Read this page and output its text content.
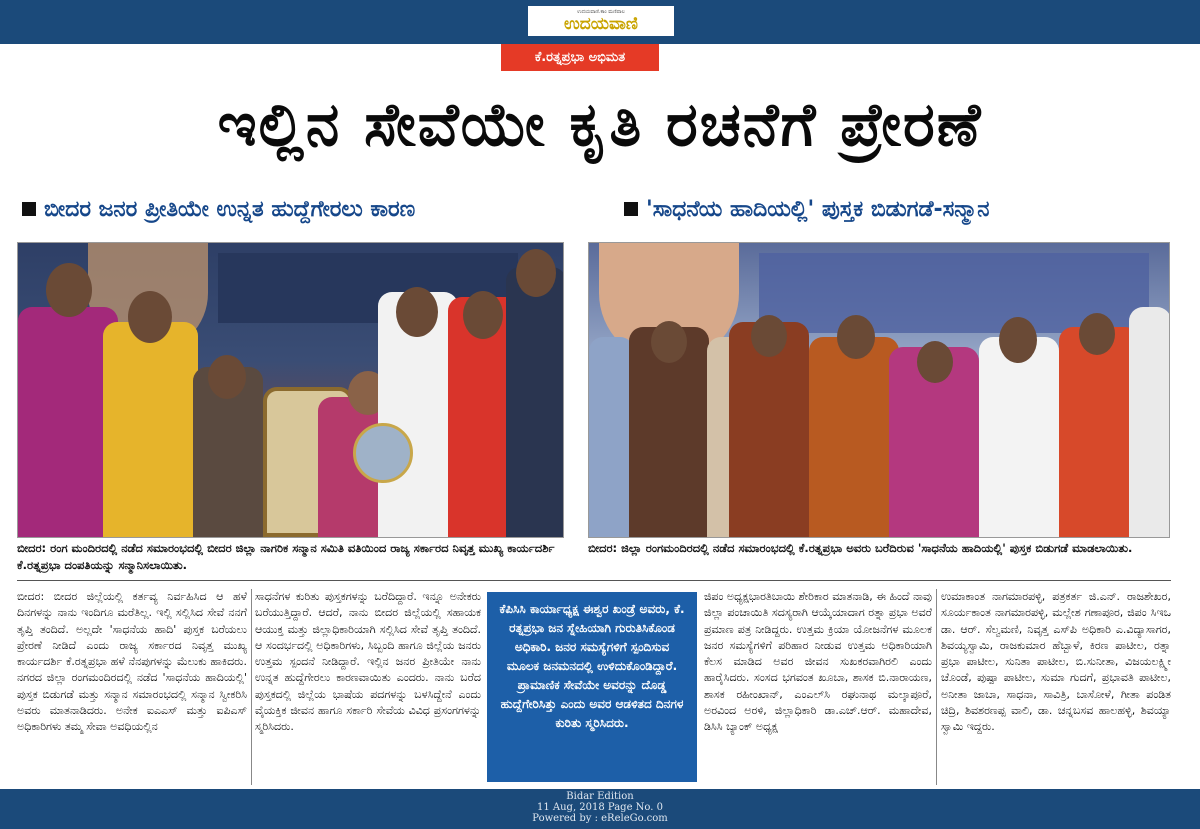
ಉದಯವಾಣಿ.ಕಾಂ ಮಣಿಪಾಲ
ಉದಯವಾಣಿ
ಕೆ.ರತ್ನಪ್ರಭಾ ಅಭಿಮತ
ಇಲ್ಲಿನ ಸೇವೆಯೇ ಕೃತಿ ರಚನೆಗೆ ಪ್ರೇರಣೆ
ಬೀದರ ಜನರ ಪ್ರೀತಿಯೇ ಉನ್ನತ ಹುದ್ದೆಗೇರಲು ಕಾರಣ	'ಸಾಧನೆಯ ಹಾದಿಯಲ್ಲಿ' ಪುಸ್ತಕ ಬಿಡುಗಡೆ-ಸನ್ಮಾನ
ಬೀದರ: ರಂಗ ಮಂದಿರದಲ್ಲಿ ನಡೆದ ಸಮಾರಂಭದಲ್ಲಿ ಬೀದರ ಜಿಲ್ಲಾ ನಾಗರಿಕ ಸನ್ಮಾನ ಸಮಿತಿ ವತಿಯಿಂದ ರಾಜ್ಯ ಸರ್ಕಾರದ ನಿವೃತ್ತ ಮುಖ್ಯ ಕಾರ್ಯದರ್ಶಿ ಕೆ.ರತ್ನಪ್ರಭಾ ದಂಪತಿಯನ್ನು ಸನ್ಮಾನಿಸಲಾಯಿತು.
ಬೀದರ: ಜಿಲ್ಲಾ ರಂಗಮಂದಿರದಲ್ಲಿ ನಡೆದ ಸಮಾರಂಭದಲ್ಲಿ ಕೆ.ರತ್ನಪ್ರಭಾ ಅವರು ಬರೆದಿರುವ 'ಸಾಧನೆಯ ಹಾದಿಯಲ್ಲಿ' ಪುಸ್ತಕ ಬಿಡುಗಡೆ ಮಾಡಲಾಯಿತು.

ಬೀದರ: ಬೀದರ ಜಿಲ್ಲೆಯಲ್ಲಿ ಕರ್ತವ್ಯ ನಿರ್ವಹಿಸಿದ ಆ ಹಳೆ ದಿನಗಳನ್ನು ನಾನು ಇಂದಿಗೂ ಮರೆತಿಲ್ಲ. ಇಲ್ಲಿ ಸಲ್ಲಿಸಿದ ಸೇವೆ ನನಗೆ ತೃಪ್ತಿ ತಂದಿದೆ. ಅಲ್ಲದೇ 'ಸಾಧನೆಯ ಹಾದಿ' ಪುಸ್ತಕ ಬರೆಯಲು ಪ್ರೇರಣೆ ನೀಡಿದೆ ಎಂದು ರಾಜ್ಯ ಸರ್ಕಾರದ ನಿವೃತ್ತ ಮುಖ್ಯ ಕಾರ್ಯದರ್ಶಿ ಕೆ.ರತ್ನಪ್ರಭಾ ಹಳೆ ನೆನಪುಗಳನ್ನು ಮೆಲುಕು ಹಾಕಿದರು. ನಗರದ ಜಿಲ್ಲಾ ರಂಗಮಂದಿರದಲ್ಲಿ ನಡೆದ 'ಸಾಧನೆಯ ಹಾದಿಯಲ್ಲಿ' ಪುಸ್ತಕ ಬಿಡುಗಡೆ ಮತ್ತು ಸನ್ಮಾನ ಸಮಾರಂಭದಲ್ಲಿ ಸನ್ಮಾನ ಸ್ವೀಕರಿಸಿ ಅವರು ಮಾತನಾಡಿದರು. ಅನೇಕ ಐಎಎಸ್ ಮತ್ತು ಐಪಿಎಸ್ ಅಧಿಕಾರಿಗಳು ತಮ್ಮ ಸೇವಾ ಅವಧಿಯಲ್ಲಿನ

ಸಾಧನೆಗಳ ಕುರಿತು ಪುಸ್ತಕಗಳನ್ನು ಬರೆದಿದ್ದಾರೆ. ಇನ್ನೂ ಅನೇಕರು ಬರೆಯುತ್ತಿದ್ದಾರೆ. ಆದರೆ, ನಾನು ಬೀದರ ಜಿಲ್ಲೆಯಲ್ಲಿ ಸಹಾಯಕ ಆಯುಕ್ತ ಮತ್ತು ಜಿಲ್ಲಾಧಿಕಾರಿಯಾಗಿ ಸಲ್ಲಿಸಿದ ಸೇವೆ ತೃಪ್ತಿ ತಂದಿದೆ. ಆ ಸಂದರ್ಭದಲ್ಲಿ ಅಧಿಕಾರಿಗಳು, ಸಿಬ್ಬಂದಿ ಹಾಗೂ ಜಿಲ್ಲೆಯ ಜನರು ಉತ್ತಮ ಸ್ಪಂದನೆ ನೀಡಿದ್ದಾರೆ. ಇಲ್ಲಿನ ಜನರ ಪ್ರೀತಿಯೇ ನಾನು ಉನ್ನತ ಹುದ್ದೆಗೇರಲು ಕಾರಣವಾಯಿತು ಎಂದರು. ನಾನು ಬರೆದ ಪುಸ್ತಕದಲ್ಲಿ ಜಿಲ್ಲೆಯ ಭಾಷೆಯ ಪದಗಳನ್ನು ಬಳಸಿದ್ದೇನೆ ಎಂದು ವೈಯಕ್ತಿಕ ಜೀವನ ಹಾಗೂ ಸರ್ಕಾರಿ ಸೇವೆಯ ವಿವಿಧ ಪ್ರಸಂಗಗಳನ್ನು ಸ್ಮರಿಸಿದರು.

ಕೆಪಿಸಿಸಿ ಕಾರ್ಯಾಧ್ಯಕ್ಷ ಈಶ್ವರ ಖಂಡ್ರೆ ಅವರು, ಕೆ. ರತ್ನಪ್ರಭಾ ಜನ ಸ್ನೇಹಿಯಾಗಿ ಗುರುತಿಸಿಕೊಂಡ ಅಧಿಕಾರಿ. ಜನರ ಸಮಸ್ಯೆಗಳಿಗೆ ಸ್ಪಂದಿಸುವ ಮೂಲಕ ಜನಮನದಲ್ಲಿ ಉಳಿದುಕೊಂಡಿದ್ದಾರೆ. ಪ್ರಾಮಾಣಿಕ ಸೇವೆಯೇ ಅವರನ್ನು ದೊಡ್ಡ ಹುದ್ದೆಗೇರಿಸಿತ್ತು ಎಂದು ಅವರ ಆಡಳಿತದ ದಿನಗಳ ಕುರಿತು ಸ್ಮರಿಸಿದರು.

ಜಿಪಂ ಅಧ್ಯಕ್ಷಭಾರತಿಬಾಯಿ ಶೇರಿಕಾರ ಮಾತನಾಡಿ, ಈ ಹಿಂದೆ ನಾವು ಜಿಲ್ಲಾ ಪಂಚಾಯಿತಿ ಸದಸ್ಯರಾಗಿ ಆಯ್ಕೆಯಾದಾಗ ರತ್ನಾ ಪ್ರಭಾ ಅವರೆ ಪ್ರಮಾಣ ಪತ್ರ ನೀಡಿದ್ದರು. ಉತ್ತಮ ಕ್ರಿಯಾ ಯೋಜನೆಗಳ ಮೂಲಕ ಜನರ ಸಮಸ್ಯೆಗಳಿಗೆ ಪರಿಹಾರ ನೀಡುವ ಉತ್ತಮ ಅಧಿಕಾರಿಯಾಗಿ ಕೆಲಸ ಮಾಡಿದ ಅವರ ಜೀವನ ಸುಖಕರವಾಗಿರಲಿ ಎಂದು ಹಾರೈಸಿದರು. ಸಂಸದ ಭಗವಂತ ಖೂಬಾ, ಶಾಸಕ ಬಿ.ನಾರಾಯಣ, ಶಾಸಕ ರಹೀಂಖಾನ್, ಎಂಎಲ್‌ಸಿ ರಘುನಾಥ ಮಲ್ಕಾಪೂರೆ, ಅರವಿಂದ ಅರಳಿ, ಜಿಲ್ಲಾಧಿಕಾರಿ ಡಾ.ಎಚ್.ಆರ್. ಮಹಾದೇವ, ಡಿಸಿಸಿ ಬ್ಯಾಂಕ್ ಅಧ್ಯಕ್ಷ

ಉಮಾಕಾಂತ ನಾಗಮಾರಪಳ್ಳಿ, ಪತ್ರಕರ್ತ ಜಿ.ಎನ್. ರಾಜಶೇಖರ, ಸೂರ್ಯಕಾಂತ ನಾಗಮಾರಪಳ್ಳಿ, ಮಲ್ಲೇಶ ಗಣಾಪೂರ, ಜಿಪಂ ಸಿಇಒ ಡಾ. ಆರ್. ಸೆಲ್ವಮಣಿ, ನಿವೃತ್ತ ಎಸ್‌ಪಿ ಅಧಿಕಾರಿ ಎ.ವಿದ್ಯಾಸಾಗರ, ಶಿವಯ್ಯಸ್ವಾಮಿ, ರಾಜಕುಮಾರ ಹೆಬ್ಬಾಳೆ, ಕಿರಣ ಪಾಟೀಲ, ರತ್ನಾ ಪ್ರಭಾ ಪಾಟೀಲ, ಸುನಿತಾ ಪಾಟೀಲ, ಬಿ.ಸುನೀತಾ, ವಿಜಯಲಕ್ಷ್ಮೀ ಚೊಂಡೆ, ಪುಷ್ಪಾ ಪಾಟೀಲ, ಸುಮಾ ಗುದಗೆ, ಪ್ರಭಾವತಿ ಪಾಟೀಲ, ಅನೀತಾ ಜಾಬಾ, ಸಾಧನಾ, ಸಾವಿತ್ರಿ, ಬಾಸೋಳೆ, ಗೀತಾ ಪಂಡಿತ ಚಿದ್ರಿ, ಶಿವಶರಣಪ್ಪ ವಾಲಿ, ಡಾ. ಚನ್ನಬಸವ ಹಾಲಹಳ್ಳಿ, ಶಿವಯ್ಯಾ ಸ್ವಾಮಿ ಇದ್ದರು.

Bidar Edition
11 Aug, 2018 Page No. 0
Powered by : eReleGo.com
